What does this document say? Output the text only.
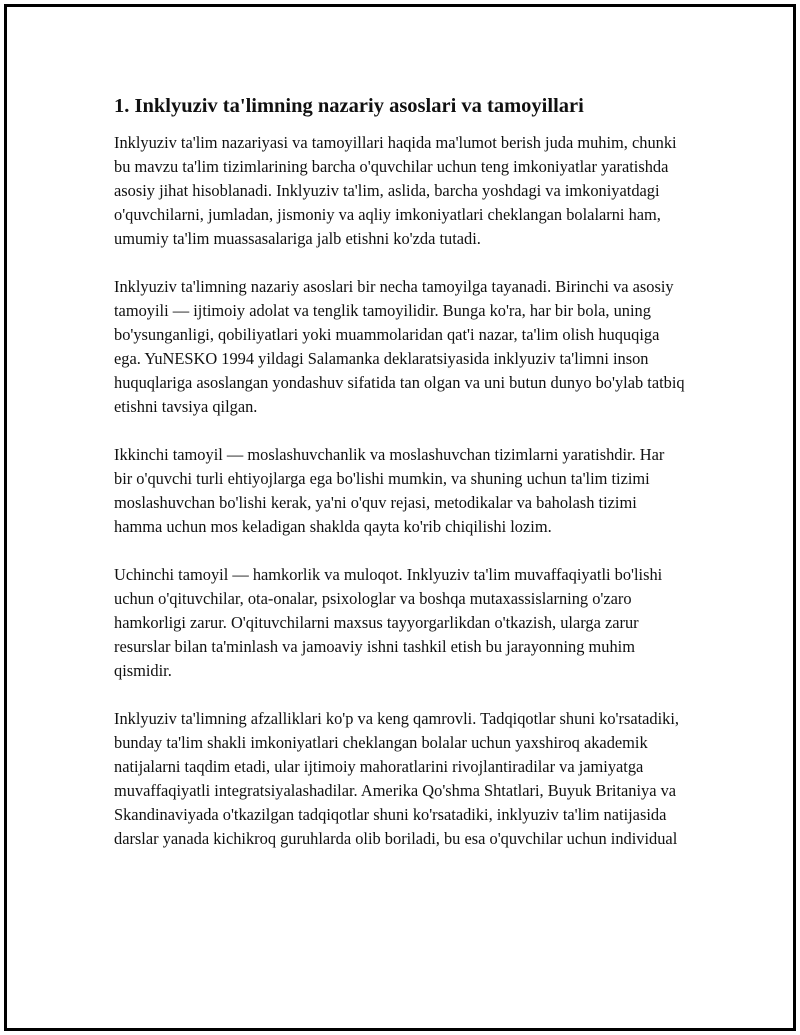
1. Inklyuziv ta'limning nazariy asoslari va tamoyillari

Inklyuziv ta'lim nazariyasi va tamoyillari haqida ma'lumot berish juda muhim, chunki bu mavzu ta'lim tizimlarining barcha o'quvchilar uchun teng imkoniyatlar yaratishda asosiy jihat hisoblanadi. Inklyuziv ta'lim, aslida, barcha yoshdagi va imkoniyatdagi o'quvchilarni, jumladan, jismoniy va aqliy imkoniyatlari cheklangan bolalarni ham, umumiy ta'lim muassasalariga jalb etishni ko'zda tutadi.

Inklyuziv ta'limning nazariy asoslari bir necha tamoyilga tayanadi. Birinchi va asosiy tamoyili — ijtimoiy adolat va tenglik tamoyilidir. Bunga ko'ra, har bir bola, uning bo'ysunganligi, qobiliyatlari yoki muammolaridan qat'i nazar, ta'lim olish huquqiga ega. YuNESKO 1994 yildagi Salamanka deklaratsiyasida inklyuziv ta'limni inson huquqlariga asoslangan yondashuv sifatida tan olgan va uni butun dunyo bo'ylab tatbiq etishni tavsiya qilgan.

Ikkinchi tamoyil — moslashuvchanlik va moslashuvchan tizimlarni yaratishdir. Har bir o'quvchi turli ehtiyojlarga ega bo'lishi mumkin, va shuning uchun ta'lim tizimi moslashuvchan bo'lishi kerak, ya'ni o'quv rejasi, metodikalar va baholash tizimi hamma uchun mos keladigan shaklda qayta ko'rib chiqilishi lozim.

Uchinchi tamoyil — hamkorlik va muloqot. Inklyuziv ta'lim muvaffaqiyatli bo'lishi uchun o'qituvchilar, ota-onalar, psixologlar va boshqa mutaxassislarning o'zaro hamkorligi zarur. O'qituvchilarni maxsus tayyorgarlikdan o'tkazish, ularga zarur resurslar bilan ta'minlash va jamoaviy ishni tashkil etish bu jarayonning muhim qismidir.

Inklyuziv ta'limning afzalliklari ko'p va keng qamrovli. Tadqiqotlar shuni ko'rsatadiki, bunday ta'lim shakli imkoniyatlari cheklangan bolalar uchun yaxshiroq akademik natijalarni taqdim etadi, ular ijtimoiy mahoratlarini rivojlantiradilar va jamiyatga muvaffaqiyatli integratsiyalashadilar. Amerika Qo'shma Shtatlari, Buyuk Britaniya va Skandinaviyada o'tkazilgan tadqiqotlar shuni ko'rsatadiki, inklyuziv ta'lim natijasida darslar yanada kichikroq guruhlarda olib boriladi, bu esa o'quvchilar uchun individual
